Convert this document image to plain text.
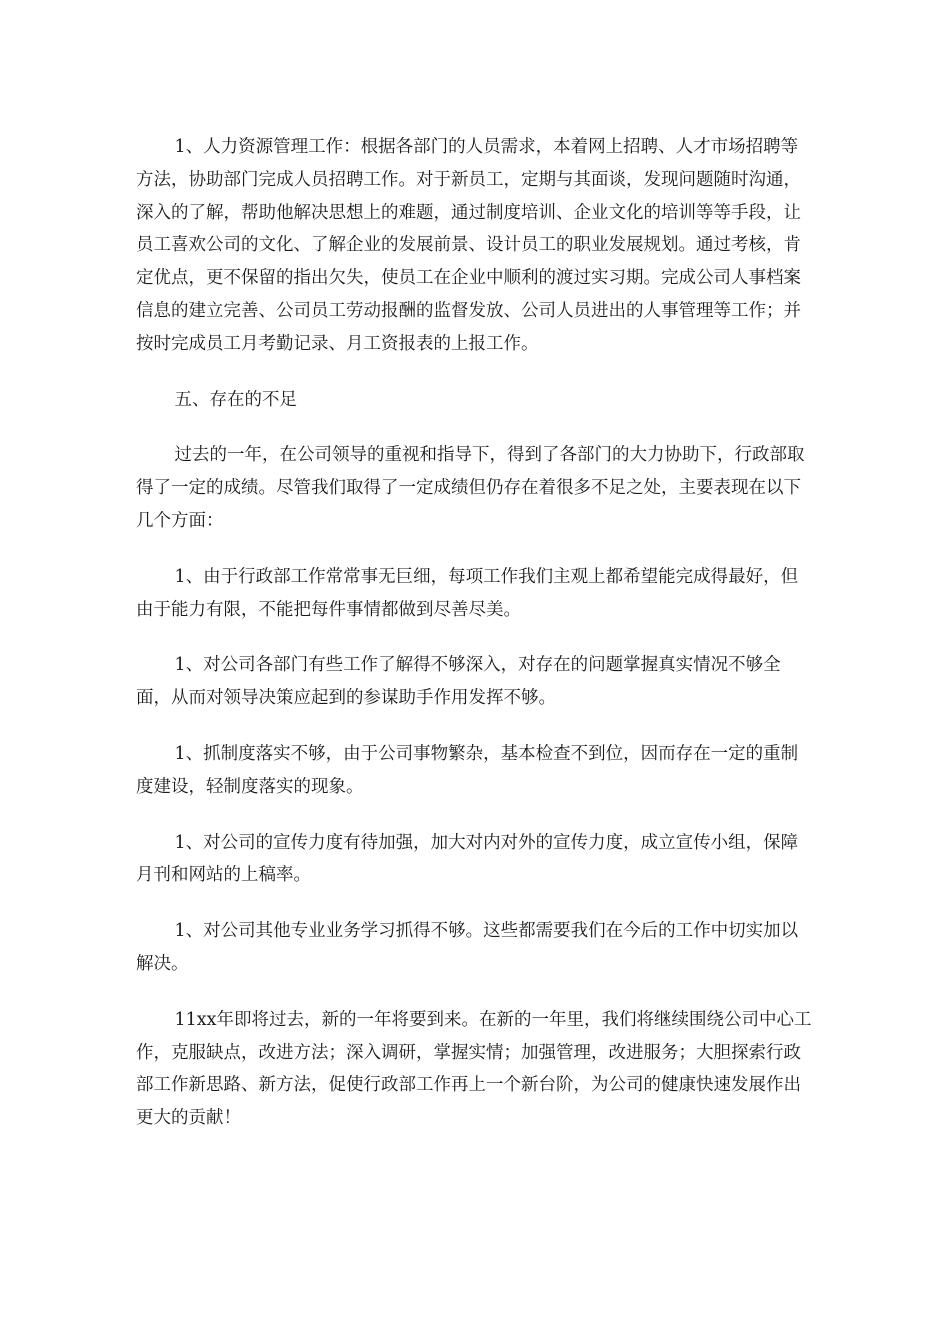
1、人力资源管理工作：根据各部门的人员需求，本着网上招聘、人才市场招聘等方法，协助部门完成人员招聘工作。对于新员工，定期与其面谈，发现问题随时沟通，深入的了解，帮助他解决思想上的难题，通过制度培训、企业文化的培训等等手段，让员工喜欢公司的文化、了解企业的发展前景、设计员工的职业发展规划。通过考核，肯定优点，更不保留的指出欠失，使员工在企业中顺利的渡过实习期。完成公司人事档案信息的建立完善、公司员工劳动报酬的监督发放、公司人员进出的人事管理等工作；并按时完成员工月考勤记录、月工资报表的上报工作。

五、存在的不足

过去的一年，在公司领导的重视和指导下，得到了各部门的大力协助下，行政部取得了一定的成绩。尽管我们取得了一定成绩但仍存在着很多不足之处，主要表现在以下几个方面：

1、由于行政部工作常常事无巨细，每项工作我们主观上都希望能完成得最好，但由于能力有限，不能把每件事情都做到尽善尽美。

1、对公司各部门有些工作了解得不够深入，对存在的问题掌握真实情况不够全面，从而对领导决策应起到的参谋助手作用发挥不够。

1、抓制度落实不够，由于公司事物繁杂，基本检查不到位，因而存在一定的重制度建设，轻制度落实的现象。

1、对公司的宣传力度有待加强，加大对内对外的宣传力度，成立宣传小组，保障月刊和网站的上稿率。

1、对公司其他专业业务学习抓得不够。这些都需要我们在今后的工作中切实加以解决。

11xx年即将过去，新的一年将要到来。在新的一年里，我们将继续围绕公司中心工作，克服缺点，改进方法；深入调研，掌握实情；加强管理，改进服务；大胆探索行政部工作新思路、新方法，促使行政部工作再上一个新台阶，为公司的健康快速发展作出更大的贡献！
